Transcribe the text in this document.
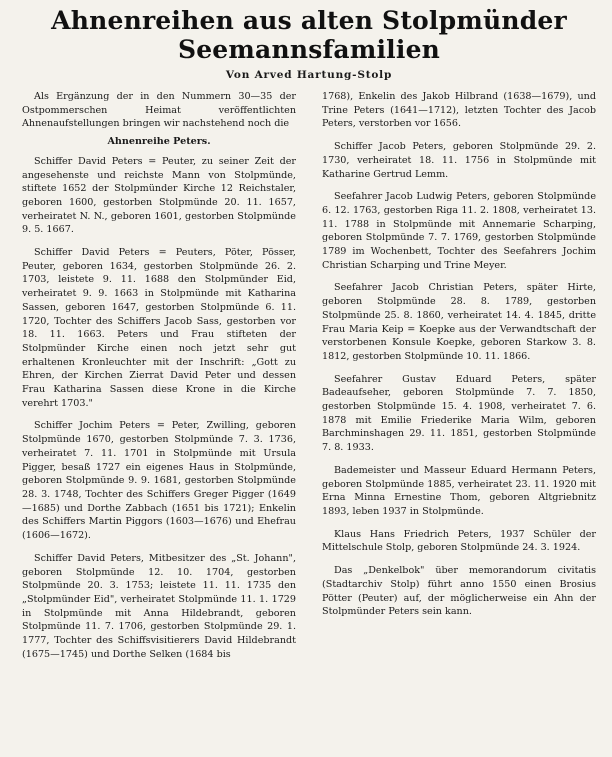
Ahnenreihen aus alten Stolpmünder
Seemannsfamilien
Von Arved Hartung-Stolp

Als Ergänzung der in den Nummern 30—35 der Ostpommerschen Heimat veröffentlichten Ahnenaufstellungen bringen wir nachstehend noch die

Ahnenreihe Peters.

Schiffer David Peters = Peuter, zu seiner Zeit der angesehenste und reichste Mann von Stolpmünde, stiftete 1652 der Stolpmünder Kirche 12 Reichstaler, geboren 1600, gestorben Stolpmünde 20. 11. 1657, verheiratet N. N., geboren 1601, gestorben Stolpmünde 9. 5. 1667.

Schiffer David Peters = Peuters, Pöter, Pösser, Peuter, geboren 1634, gestorben Stolpmünde 26. 2. 1703, leistete 9. 11. 1688 den Stolpmünder Eid, verheiratet 9. 9. 1663 in Stolpmünde mit Katharina Sassen, geboren 1647, gestorben Stolpmünde 6. 11. 1720, Tochter des Schiffers Jacob Sass, gestorben vor 18. 11. 1663. Peters und Frau stifteten der Stolpmünder Kirche einen noch jetzt sehr gut erhaltenen Kronleuchter mit der Inschrift: „Gott zu Ehren, der Kirchen Zierrat David Peter und dessen Frau Katharina Sassen diese Krone in die Kirche verehrt 1703."

Schiffer Jochim Peters = Peter, Zwilling, geboren Stolpmünde 1670, gestorben Stolpmünde 7. 3. 1736, verheiratet 7. 11. 1701 in Stolpmünde mit Ursula Pigger, besaß 1727 ein eigenes Haus in Stolpmünde, geboren Stolpmünde 9. 9. 1681, gestorben Stolpmünde 28. 3. 1748, Tochter des Schiffers Greger Pigger (1649—1685) und Dorthe Zabbach (1651 bis 1721); Enkelin des Schiffers Martin Piggors (1603—1676) und Ehefrau (1606—1672).

Schiffer David Peters, Mitbesitzer des „St. Johann", geboren Stolpmünde 12. 10. 1704, gestorben Stolpmünde 20. 3. 1753; leistete 11. 11. 1735 den „Stolpmünder Eid", verheiratet Stolpmünde 11. 1. 1729 in Stolpmünde mit Anna Hildebrandt, geboren Stolpmünde 11. 7. 1706, gestorben Stolpmünde 29. 1. 1777, Tochter des Schiffsvisitierers David Hildebrandt (1675—1745) und Dorthe Selken (1684 bis

1768), Enkelin des Jakob Hilbrand (1638—1679), und Trine Peters (1641—1712), letzten Tochter des Jacob Peters, verstorben vor 1656.

Schiffer Jacob Peters, geboren Stolpmünde 29. 2. 1730, verheiratet 18. 11. 1756 in Stolpmünde mit Katharine Gertrud Lemm.

Seefahrer Jacob Ludwig Peters, geboren Stolpmünde 6. 12. 1763, gestorben Riga 11. 2. 1808, verheiratet 13. 11. 1788 in Stolpmünde mit Annemarie Scharping, geboren Stolpmünde 7. 7. 1769, gestorben Stolpmünde 1789 im Wochenbett, Tochter des Seefahrers Jochim Christian Scharping und Trine Meyer.

Seefahrer Jacob Christian Peters, später Hirte, geboren Stolpmünde 28. 8. 1789, gestorben Stolpmünde 25. 8. 1860, verheiratet 14. 4. 1845, dritte Frau Maria Keip = Koepke aus der Verwandtschaft der verstorbenen Konsule Koepke, geboren Starkow 3. 8. 1812, gestorben Stolpmünde 10. 11. 1866.

Seefahrer Gustav Eduard Peters, später Badeaufseher, geboren Stolpmünde 7. 7. 1850, gestorben Stolpmünde 15. 4. 1908, verheiratet 7. 6. 1878 mit Emilie Friederike Maria Wilm, geboren Barchminshagen 29. 11. 1851, gestorben Stolpmünde 7. 8. 1933.

Bademeister und Masseur Eduard Hermann Peters, geboren Stolpmünde 1885, verheiratet 23. 11. 1920 mit Erna Minna Ernestine Thom, geboren Altgriebnitz 1893, leben 1937 in Stolpmünde.

Klaus Hans Friedrich Peters, 1937 Schüler der Mittelschule Stolp, geboren Stolpmünde 24. 3. 1924.

Das „Denkelbok" über memorandorum civitatis (Stadtarchiv Stolp) führt anno 1550 einen Brosius Pötter (Peuter) auf, der möglicherweise ein Ahn der Stolpmünder Peters sein kann.
